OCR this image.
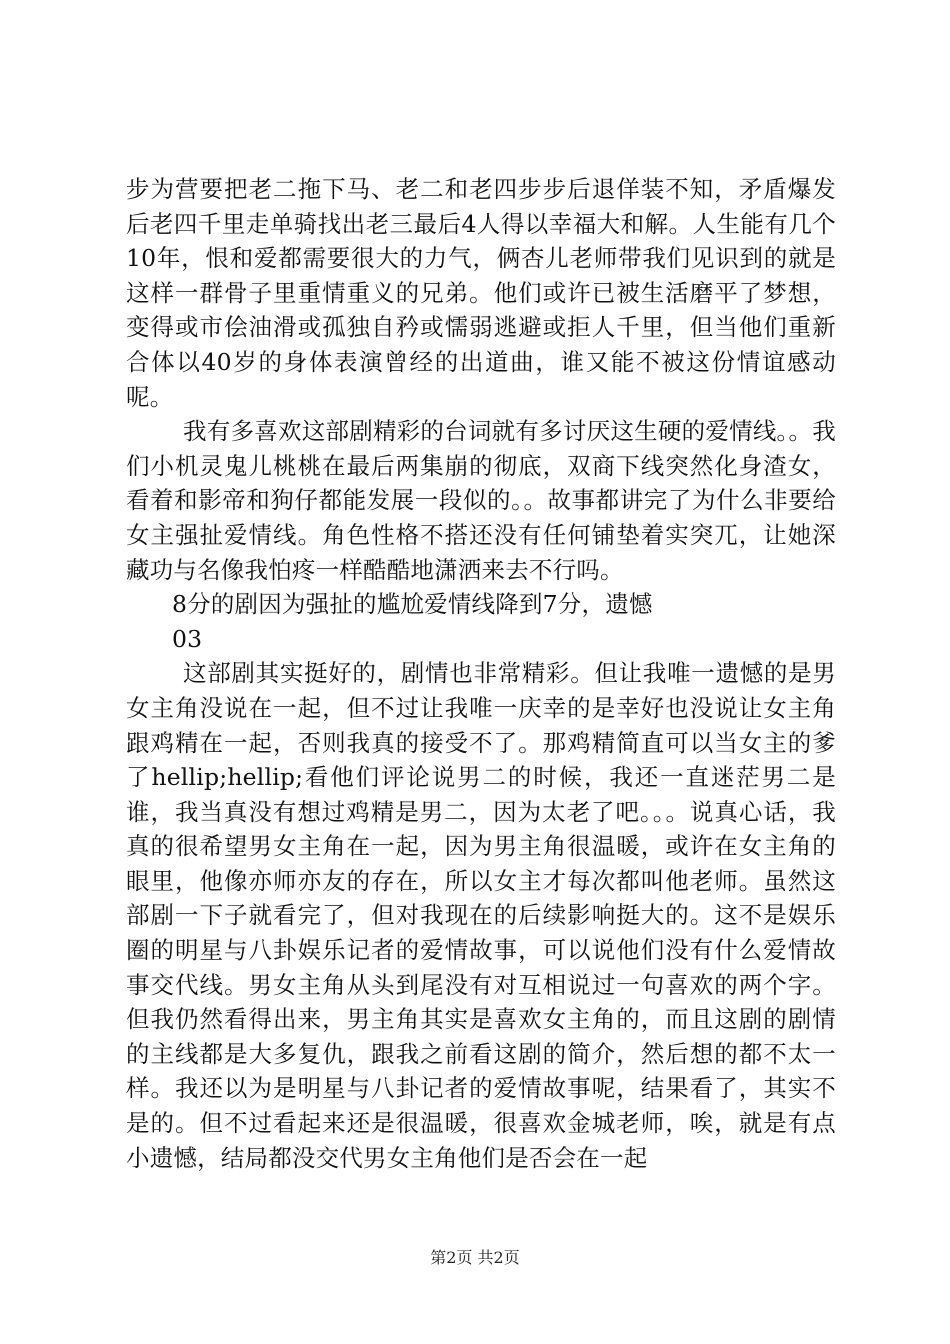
步为营要把老二拖下马、老二和老四步步后退佯装不知，矛盾爆发后老四千里走单骑找出老三最后4人得以幸福大和解。人生能有几个10年，恨和爱都需要很大的力气，俩杏儿老师带我们见识到的就是这样一群骨子里重情重义的兄弟。他们或许已被生活磨平了梦想，变得或市侩油滑或孤独自矜或懦弱逃避或拒人千里，但当他们重新合体以40岁的身体表演曾经的出道曲，谁又能不被这份情谊感动呢。

我有多喜欢这部剧精彩的台词就有多讨厌这生硬的爱情线。。我们小机灵鬼儿桃桃在最后两集崩的彻底，双商下线突然化身渣女，看着和影帝和狗仔都能发展一段似的。。故事都讲完了为什么非要给女主强扯爱情线。角色性格不搭还没有任何铺垫着实突兀，让她深藏功与名像我怕疼一样酷酷地潇洒来去不行吗。

8分的剧因为强扯的尴尬爱情线降到7分，遗憾

03

这部剧其实挺好的，剧情也非常精彩。但让我唯一遗憾的是男女主角没说在一起，但不过让我唯一庆幸的是幸好也没说让女主角跟鸡精在一起，否则我真的接受不了。那鸡精简直可以当女主的爹了hellip;hellip;看他们评论说男二的时候，我还一直迷茫男二是谁，我当真没有想过鸡精是男二，因为太老了吧。。。说真心话，我真的很希望男女主角在一起，因为男主角很温暖，或许在女主角的眼里，他像亦师亦友的存在，所以女主才每次都叫他老师。虽然这部剧一下子就看完了，但对我现在的后续影响挺大的。这不是娱乐圈的明星与八卦娱乐记者的爱情故事，可以说他们没有什么爱情故事交代线。男女主角从头到尾没有对互相说过一句喜欢的两个字。但我仍然看得出来，男主角其实是喜欢女主角的，而且这剧的剧情的主线都是大多复仇，跟我之前看这剧的简介，然后想的都不太一样。我还以为是明星与八卦记者的爱情故事呢，结果看了，其实不是的。但不过看起来还是很温暖，很喜欢金城老师，唉，就是有点小遗憾，结局都没交代男女主角他们是否会在一起

第2页 共2页
